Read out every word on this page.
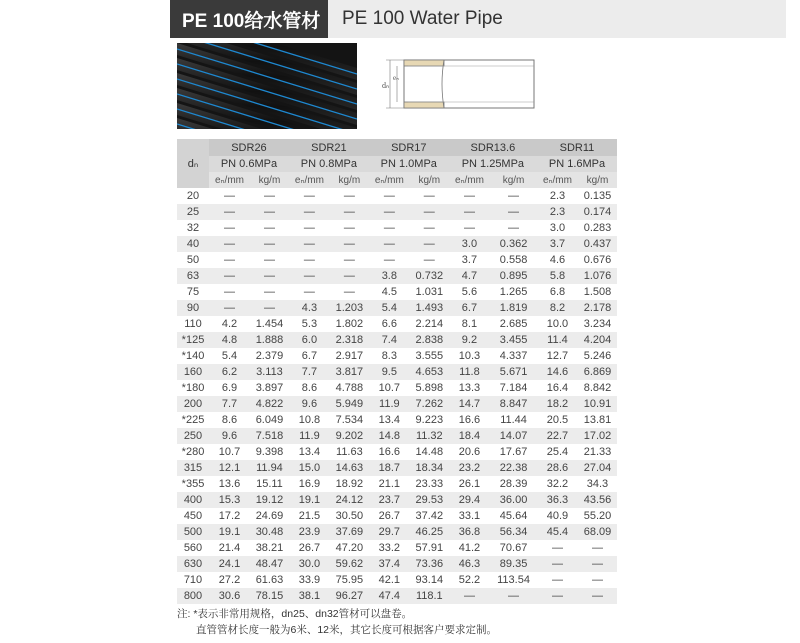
PE 100给水管材	PE 100 Water Pipe
dₙ
eₙ
dₙ	SDR26		SDR21		SDR17		SDR13.6		SDR11	
	PN 0.6MPa		PN 0.8MPa		PN 1.0MPa		PN 1.25MPa		PN 1.6MPa	
	eₙ/mm	kg/m	eₙ/mm	kg/m	eₙ/mm	kg/m	eₙ/mm	kg/m	eₙ/mm	kg/m
20	—	—	—	—	—	—	—	—	2.3	0.135
25	—	—	—	—	—	—	—	—	2.3	0.174
32	—	—	—	—	—	—	—	—	3.0	0.283
40	—	—	—	—	—	—	3.0	0.362	3.7	0.437
50	—	—	—	—	—	—	3.7	0.558	4.6	0.676
63	—	—	—	—	3.8	0.732	4.7	0.895	5.8	1.076
75	—	—	—	—	4.5	1.031	5.6	1.265	6.8	1.508
90	—	—	4.3	1.203	5.4	1.493	6.7	1.819	8.2	2.178
110	4.2	1.454	5.3	1.802	6.6	2.214	8.1	2.685	10.0	3.234
*125	4.8	1.888	6.0	2.318	7.4	2.838	9.2	3.455	11.4	4.204
*140	5.4	2.379	6.7	2.917	8.3	3.555	10.3	4.337	12.7	5.246
160	6.2	3.113	7.7	3.817	9.5	4.653	11.8	5.671	14.6	6.869
*180	6.9	3.897	8.6	4.788	10.7	5.898	13.3	7.184	16.4	8.842
200	7.7	4.822	9.6	5.949	11.9	7.262	14.7	8.847	18.2	10.91
*225	8.6	6.049	10.8	7.534	13.4	9.223	16.6	11.44	20.5	13.81
250	9.6	7.518	11.9	9.202	14.8	11.32	18.4	14.07	22.7	17.02
*280	10.7	9.398	13.4	11.63	16.6	14.48	20.6	17.67	25.4	21.33
315	12.1	11.94	15.0	14.63	18.7	18.34	23.2	22.38	28.6	27.04
*355	13.6	15.11	16.9	18.92	21.1	23.33	26.1	28.39	32.2	34.3
400	15.3	19.12	19.1	24.12	23.7	29.53	29.4	36.00	36.3	43.56
450	17.2	24.69	21.5	30.50	26.7	37.42	33.1	45.64	40.9	55.20
500	19.1	30.48	23.9	37.69	29.7	46.25	36.8	56.34	45.4	68.09
560	21.4	38.21	26.7	47.20	33.2	57.91	41.2	70.67	—	—
630	24.1	48.47	30.0	59.62	37.4	73.36	46.3	89.35	—	—
710	27.2	61.63	33.9	75.95	42.1	93.14	52.2	113.54	—	—
800	30.6	78.15	38.1	96.27	47.4	118.1	—	—	—	—
注: *表示非常用规格，dn25、dn32管材可以盘卷。
直管管材长度一般为6米、12米，其它长度可根据客户要求定制。
